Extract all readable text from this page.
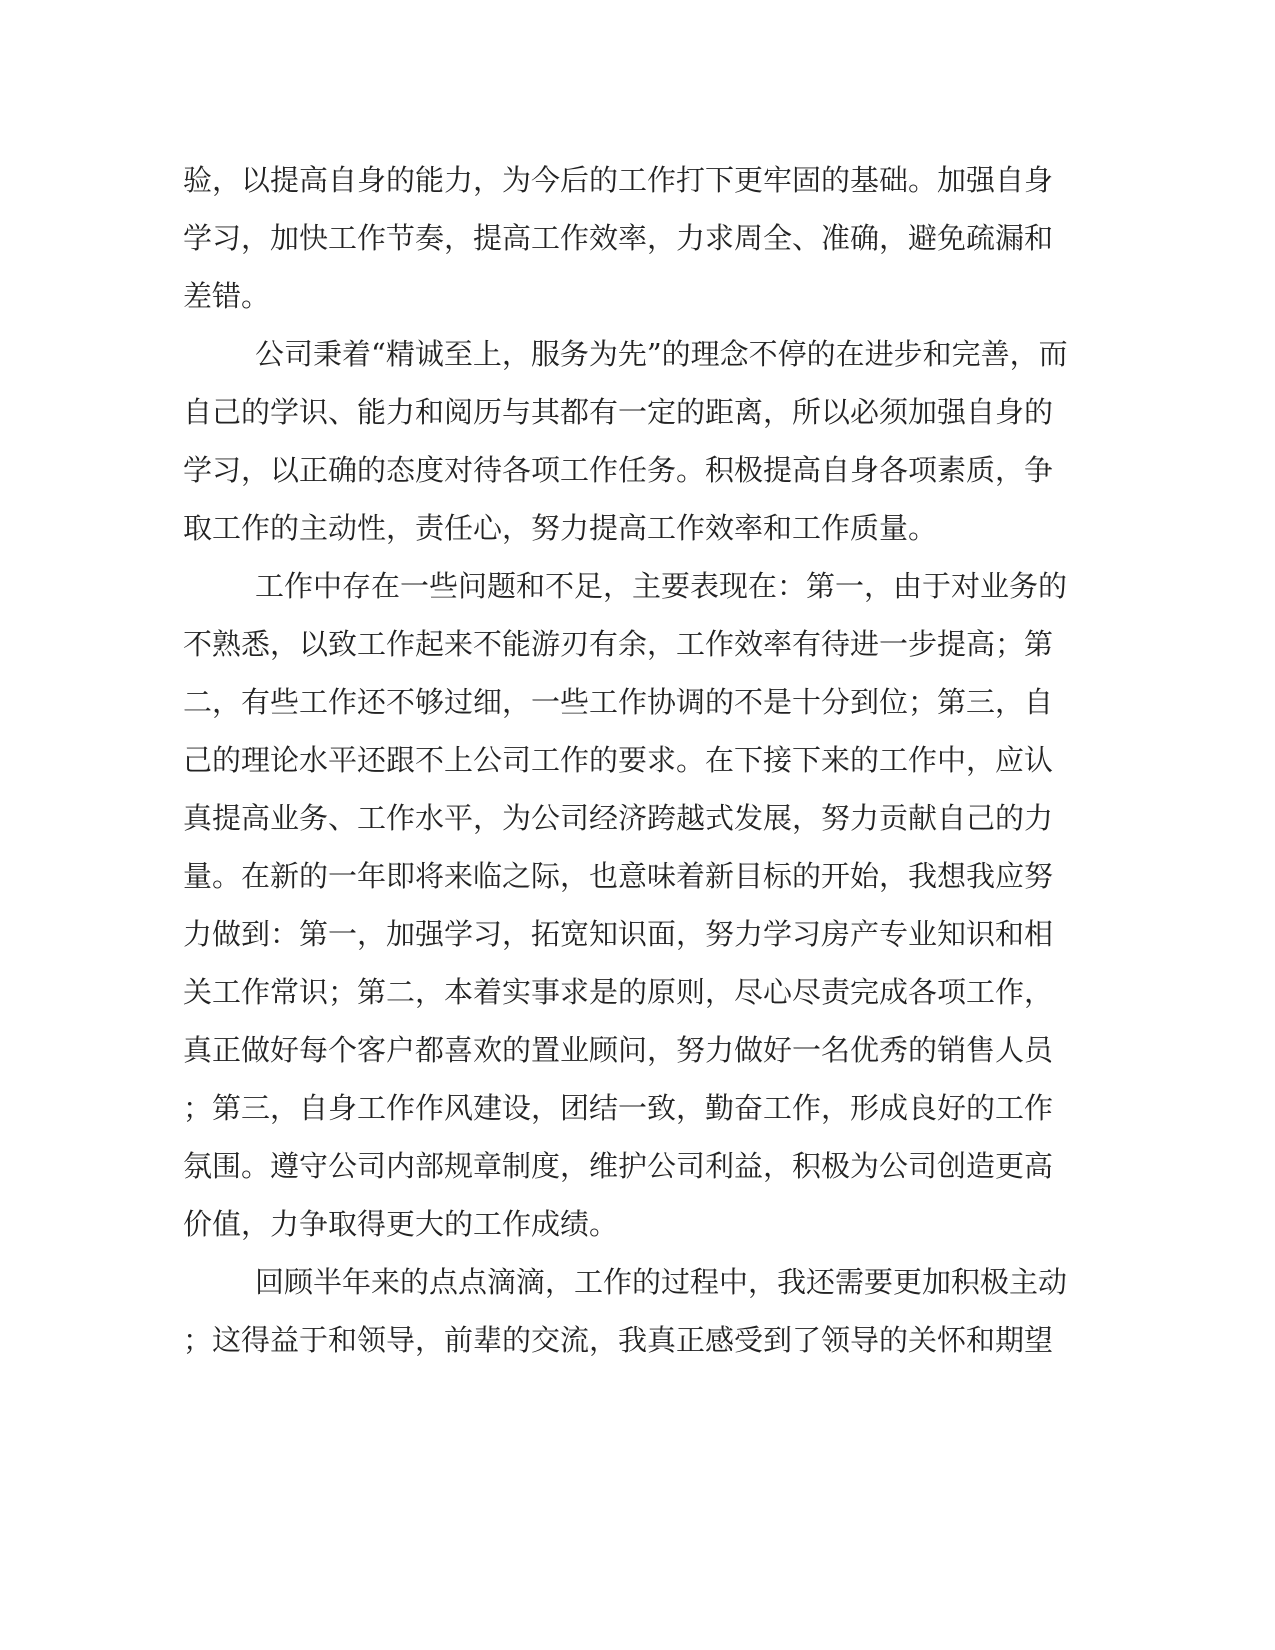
验，以提高自身的能力，为今后的工作打下更牢固的基础。加强自身
学习，加快工作节奏，提高工作效率，力求周全、准确，避免疏漏和
差错。
公司秉着“精诚至上，服务为先”的理念不停的在进步和完善，而
自己的学识、能力和阅历与其都有一定的距离，所以必须加强自身的
学习，以正确的态度对待各项工作任务。积极提高自身各项素质，争
取工作的主动性，责任心，努力提高工作效率和工作质量。
工作中存在一些问题和不足，主要表现在：第一，由于对业务的
不熟悉，以致工作起来不能游刃有余，工作效率有待进一步提高；第
二，有些工作还不够过细，一些工作协调的不是十分到位；第三，自
己的理论水平还跟不上公司工作的要求。在下接下来的工作中，应认
真提高业务、工作水平，为公司经济跨越式发展，努力贡献自己的力
量。在新的一年即将来临之际，也意味着新目标的开始，我想我应努
力做到：第一，加强学习，拓宽知识面，努力学习房产专业知识和相
关工作常识；第二，本着实事求是的原则，尽心尽责完成各项工作，
真正做好每个客户都喜欢的置业顾问，努力做好一名优秀的销售人员
；第三，自身工作作风建设，团结一致，勤奋工作，形成良好的工作
氛围。遵守公司内部规章制度，维护公司利益，积极为公司创造更高
价值，力争取得更大的工作成绩。
回顾半年来的点点滴滴，工作的过程中，我还需要更加积极主动
；这得益于和领导，前辈的交流，我真正感受到了领导的关怀和期望
